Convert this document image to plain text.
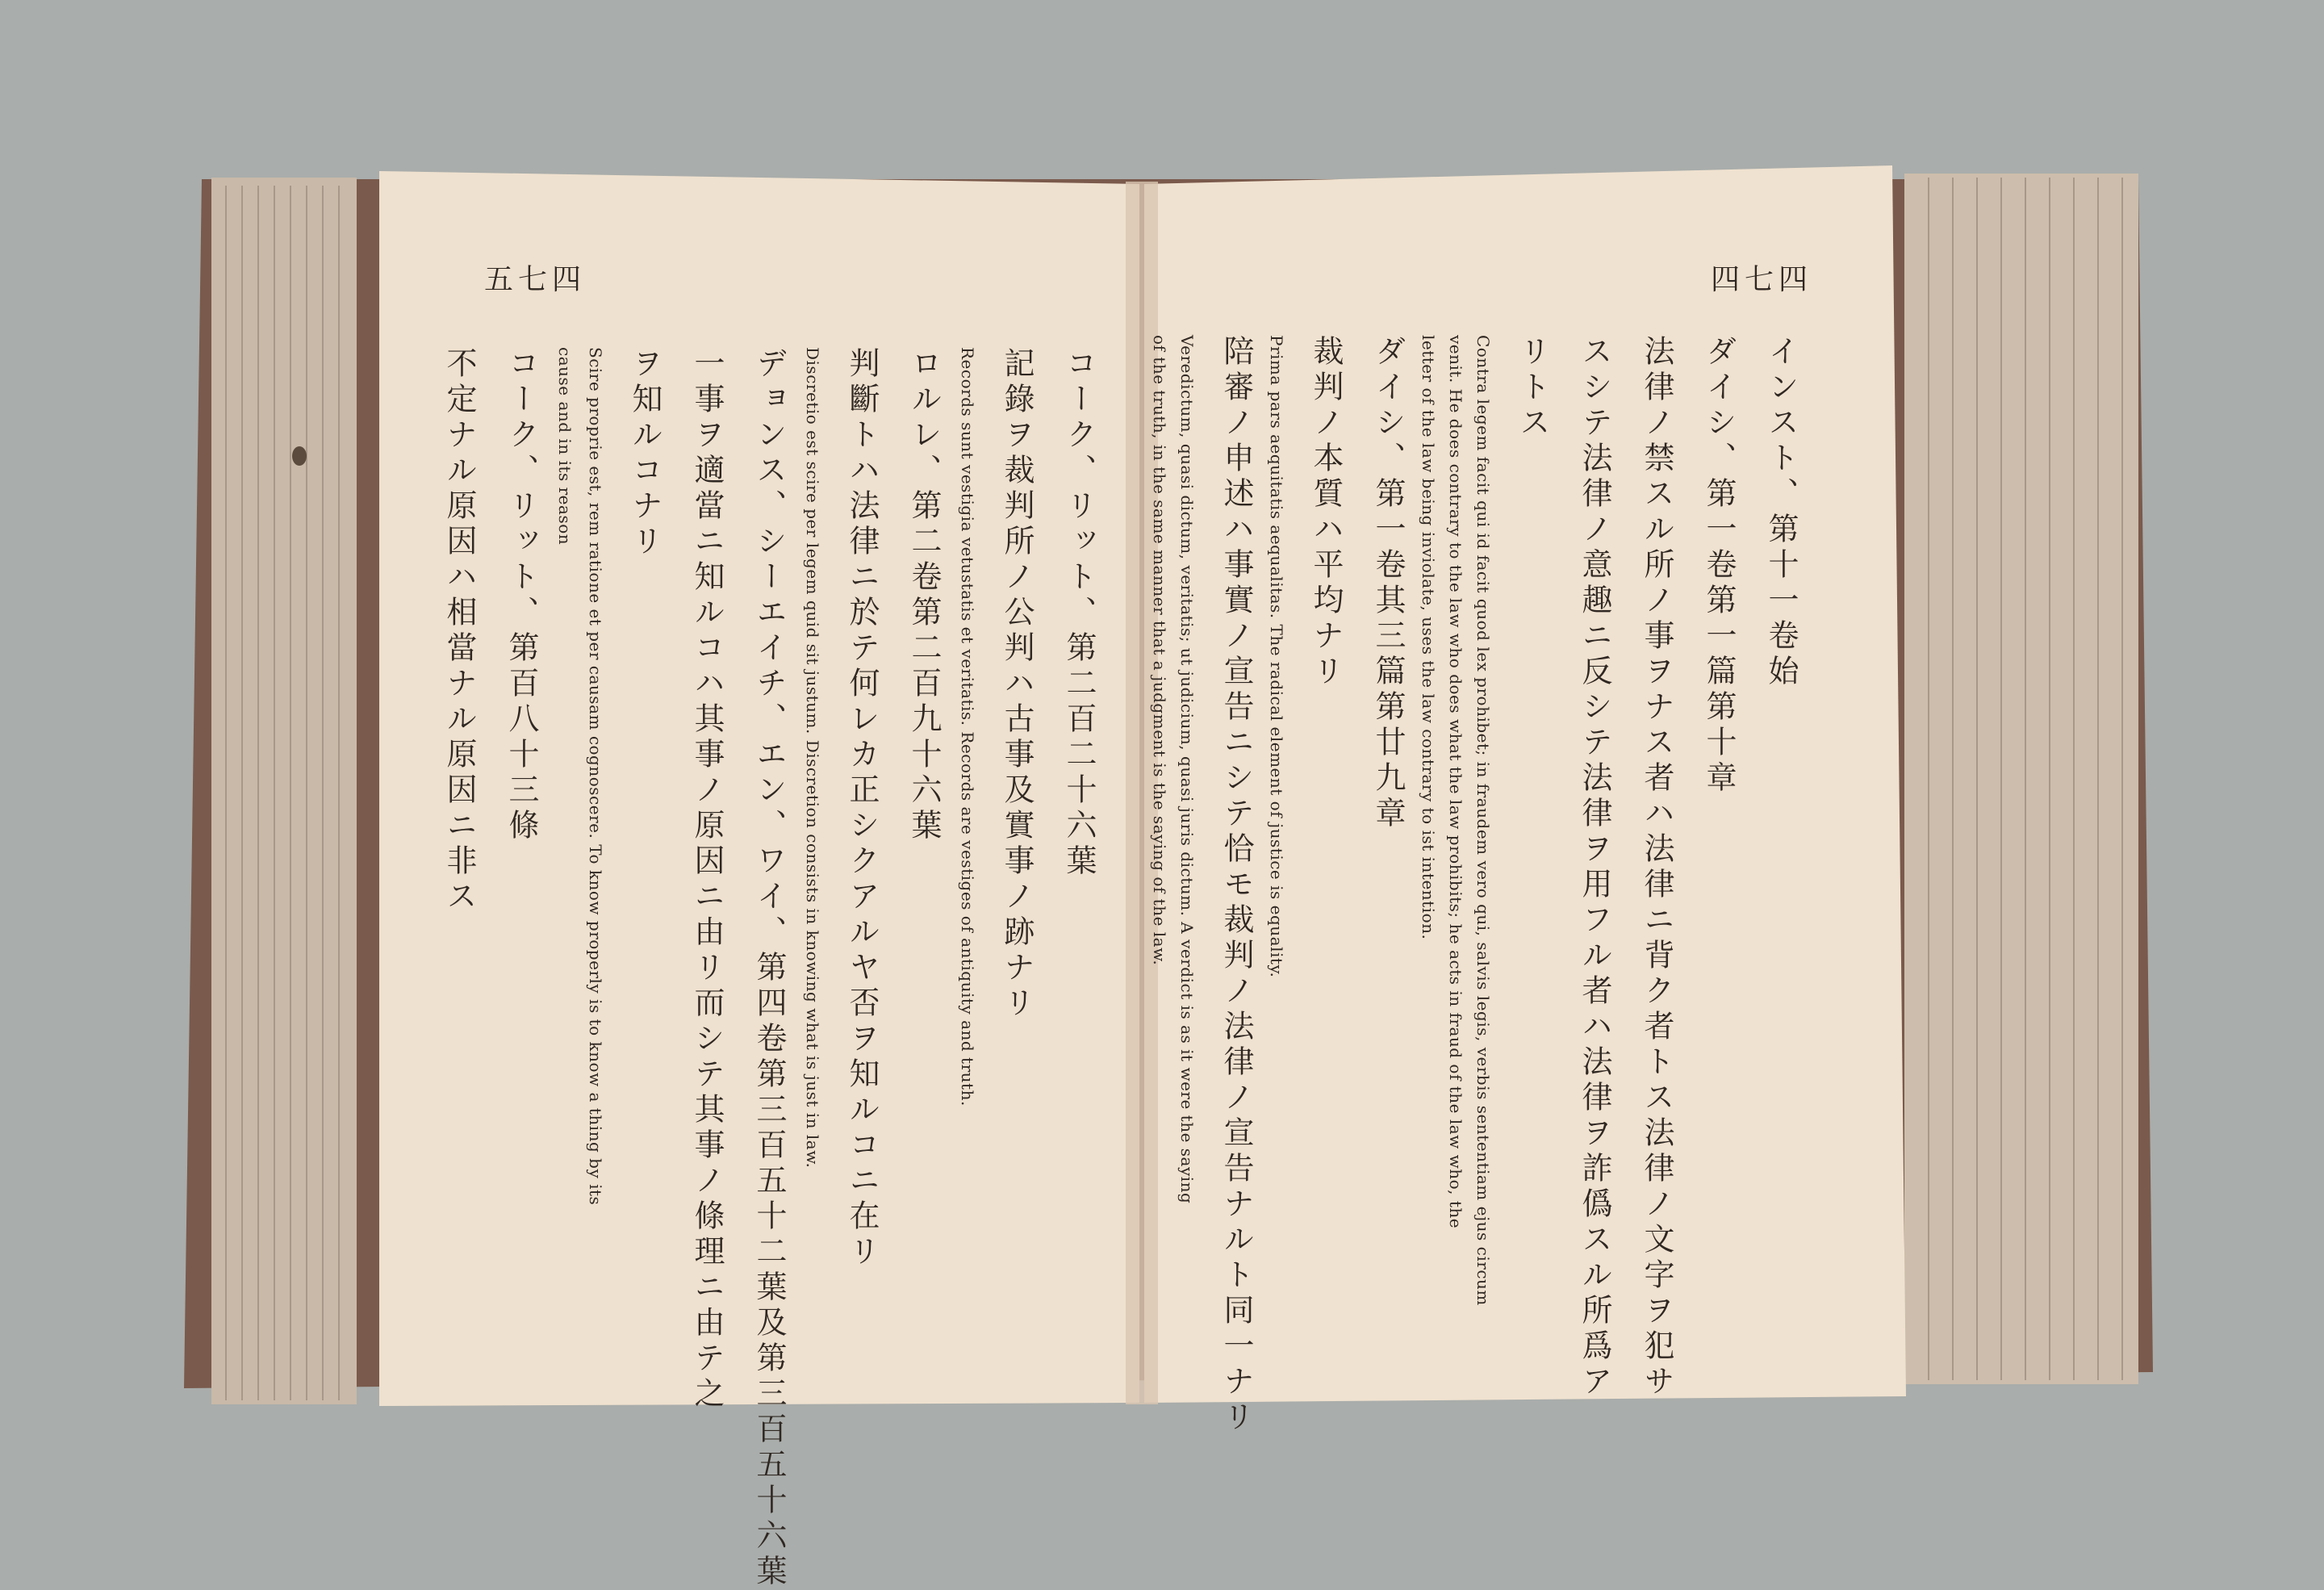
五七四
コーク、リット、第二百二十六葉
記錄ヲ裁判所ノ公判ハ古事及實事ノ跡ナリ
Records sunt vestigia vetustatis et veritatis. Records are vestiges of antiquity and truth.
ロルレ、第二卷第二百九十六葉
判斷トハ法律ニ於テ何レカ正シクアルヤ否ヲ知ルコニ在リ
Discretio est scire per legem quid sit justum. Discretion consists in knowing what is just in law.
デョンス、シーエイチ、エン、ワイ、第四卷第三百五十二葉及第三百五十六葉
一事ヲ適當ニ知ルコハ其事ノ原因ニ由リ而シテ其事ノ條理ニ由テ之
ヲ知ルコナリ
Scire proprie est, rem ratione et per causam cognoscere. To know properly is to know a thing by its
cause and in its reason
コーク、リット、第百八十三條
不定ナル原因ハ相當ナル原因ニ非ス
四七四
インスト、第十一卷始
ダイシ、第一卷第一篇第十章
法律ノ禁スル所ノ事ヲナス者ハ法律ニ背ク者トス法律ノ文字ヲ犯サ
スシテ法律ノ意趣ニ反シテ法律ヲ用フル者ハ法律ヲ詐僞スル所爲ア
リトス
Contra legem facit qui id facit quod lex prohibet; in fraudem vero qui, salvis legis, verbis sententiam ejus circum
venit. He does contrary to the law who does what the law prohibits; he acts in fraud of the law who, the
letter of the law being inviolate, uses the law contrary to ist intention.
ダイシ、第一卷其三篇第廿九章
裁判ノ本質ハ平均ナリ
Prima pars aequitatis aequalitas. The radical element of justice is equality.
陪審ノ申述ハ事實ノ宣告ニシテ恰モ裁判ノ法律ノ宣告ナルト同一ナリ
Veredictum, quasi dictum, veritatis; ut judicium, quasi juris dictum. A verdict is as it were the saying
of the truth, in the same manner that a judgment is the saying of the law.
